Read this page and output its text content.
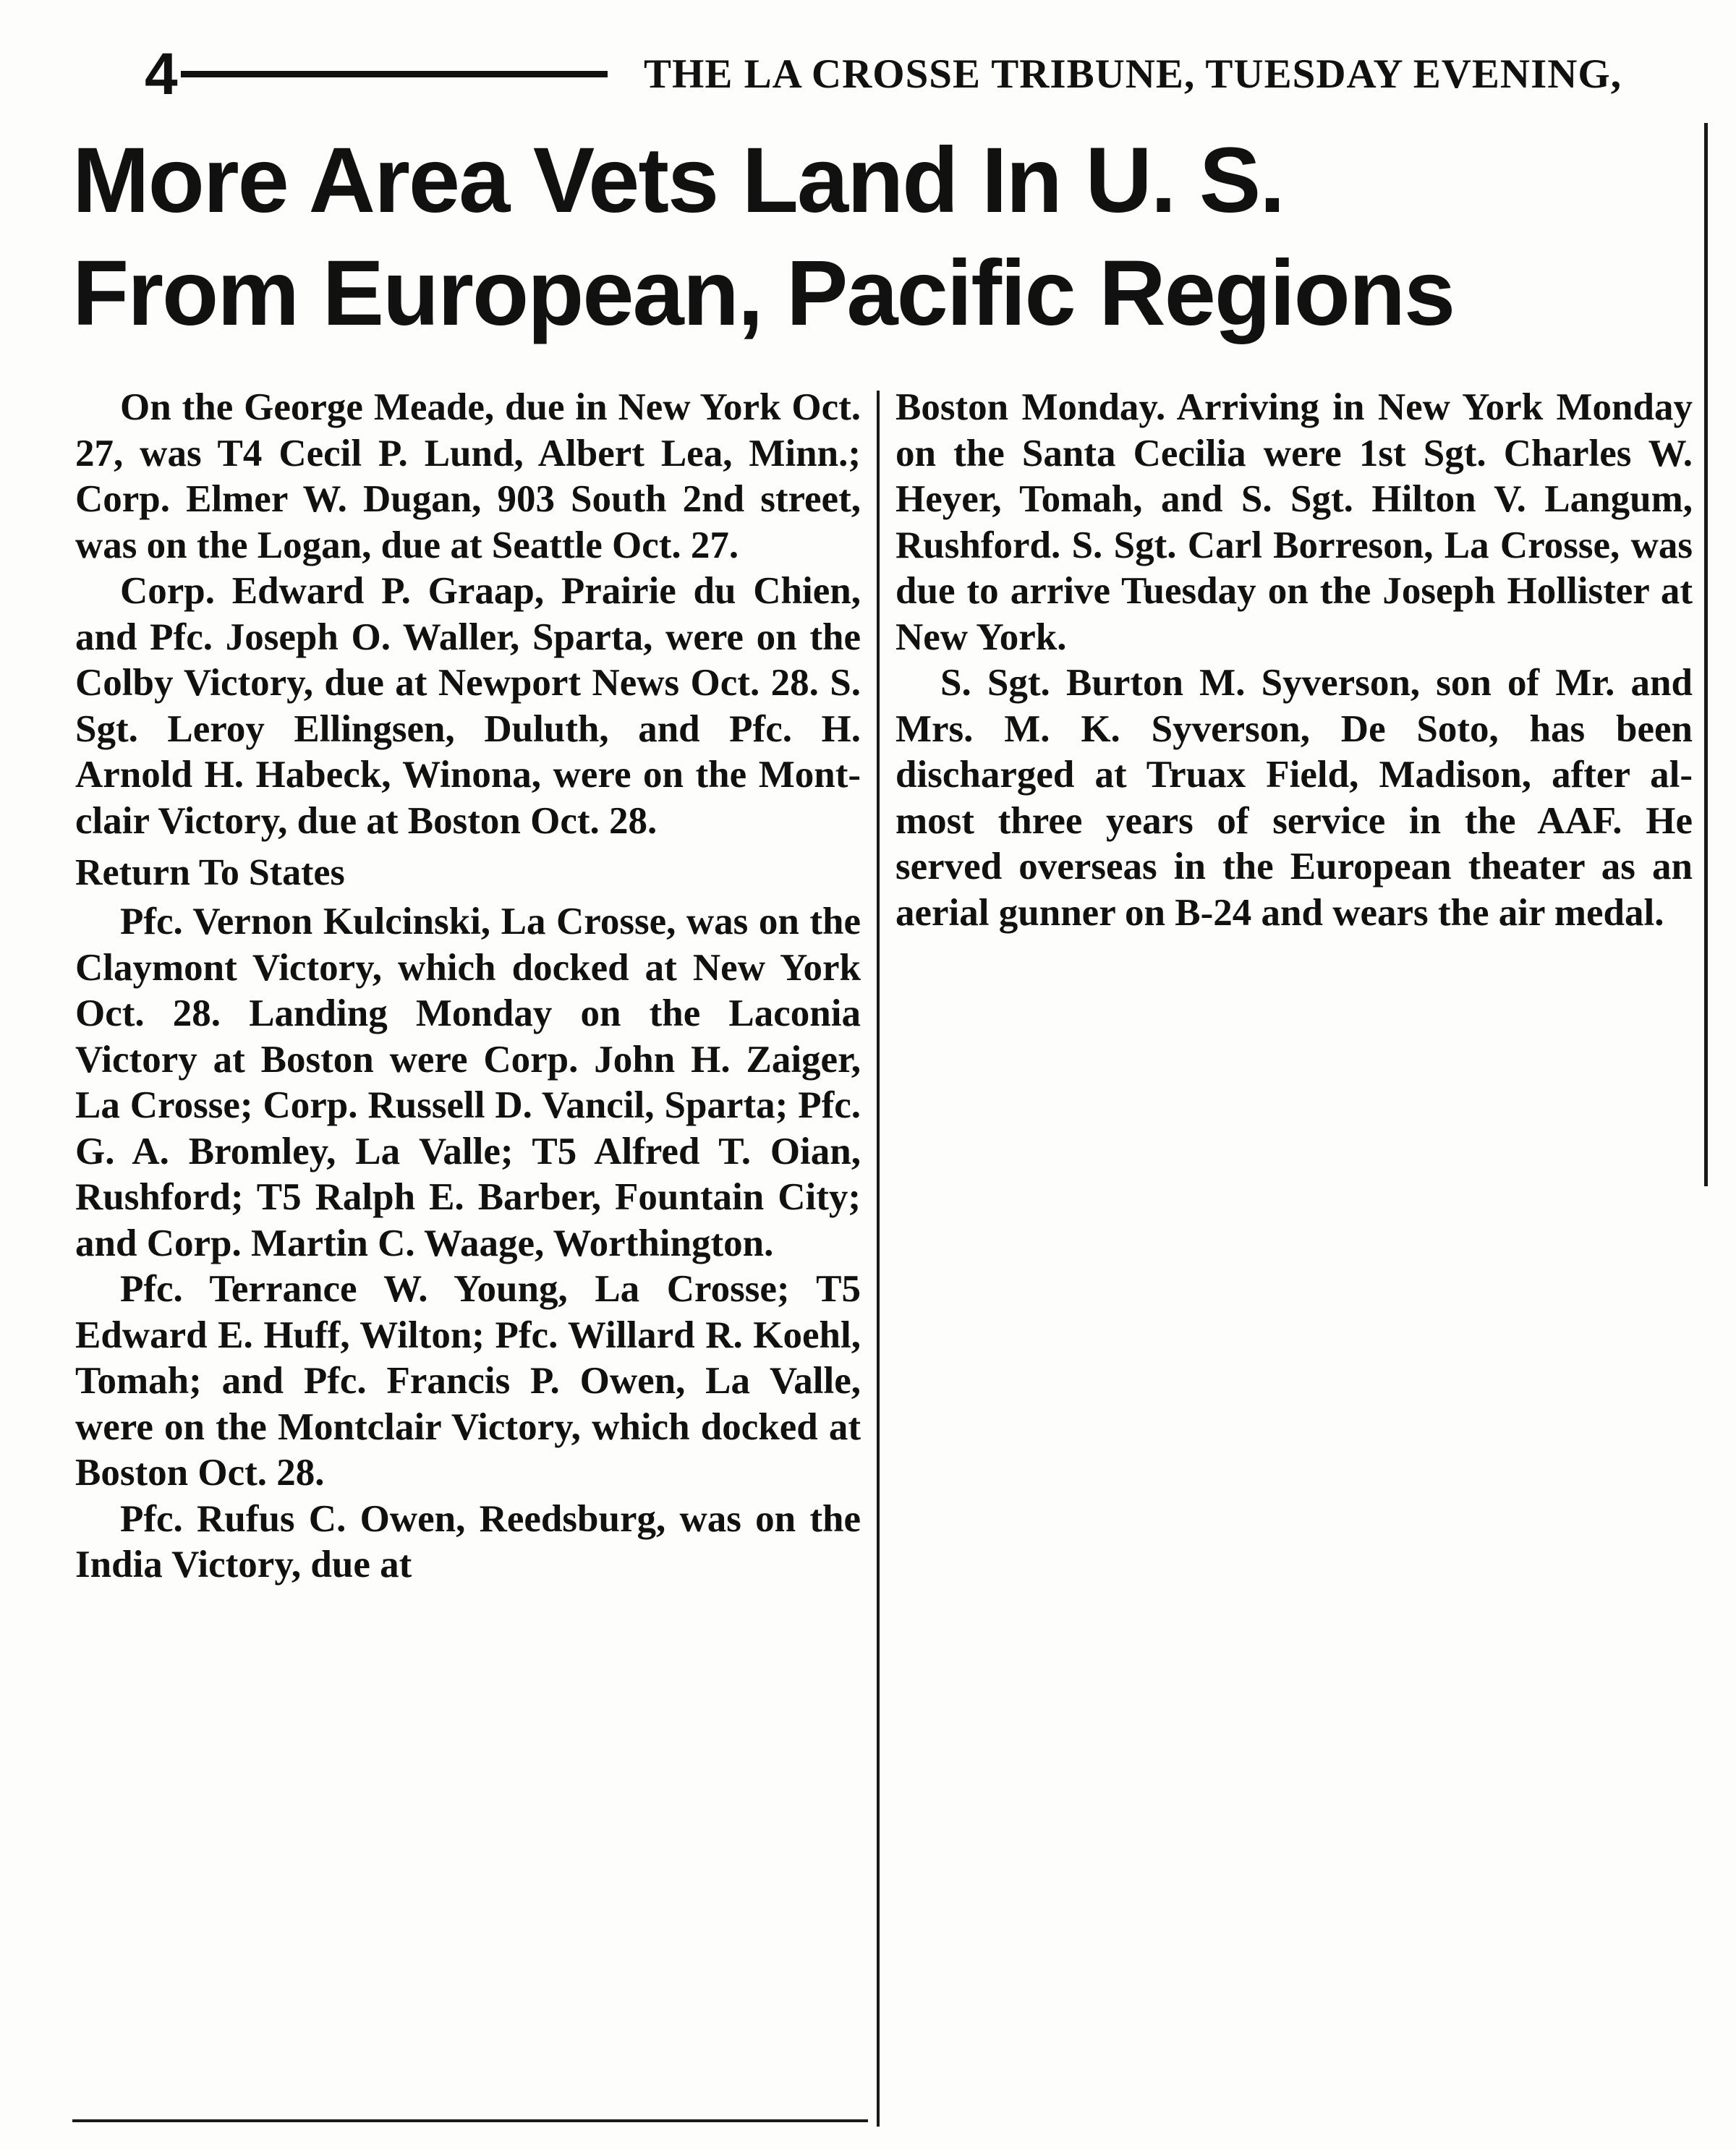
4	THE LA CROSSE TRIBUNE, TUESDAY EVENING,
More Area Vets Land In U. S.
From European, Pacific Regions

On the George Meade, due in New York Oct. 27, was T4 Cecil P. Lund, Albert Lea, Minn.; Corp. Elmer W. Dugan, 903 South 2nd street, was on the Logan, due at Seattle Oct. 27.

Corp. Edward P. Graap, Prairie du Chien, and Pfc. Joseph O. Waller, Sparta, were on the Colby Victory, due at Newport News Oct. 28. S. Sgt. Leroy Ellingsen, Duluth, and Pfc. H. Arnold H. Habeck, Winona, were on the Montclair Victory, due at Boston Oct. 28.

Return To States

Pfc. Vernon Kulcinski, La Crosse, was on the Claymont Victory, which docked at New York Oct. 28. Landing Monday on the Laconia Victory at Boston were Corp. John H. Zaiger, La Crosse; Corp. Russell D. Vancil, Sparta; Pfc. G. A. Bromley, La Valle; T5 Alfred T. Oian, Rushford; T5 Ralph E. Barber, Fountain City; and Corp. Martin C. Waage, Worthington.

Pfc. Terrance W. Young, La Crosse; T5 Edward E. Huff, Wilton; Pfc. Willard R. Koehl, Tomah; and Pfc. Francis P. Owen, La Valle, were on the Montclair Victory, which docked at Boston Oct. 28.

Pfc. Rufus C. Owen, Reedsburg, was on the India Victory, due at

Boston Monday. Arriving in New York Monday on the Santa Cecilia were 1st Sgt. Charles W. Heyer, Tomah, and S. Sgt. Hilton V. Langum, Rushford. S. Sgt. Carl Borreson, La Crosse, was due to arrive Tuesday on the Joseph Hollister at New York.

S. Sgt. Burton M. Syverson, son of Mr. and Mrs. M. K. Syverson, De Soto, has been discharged at Truax Field, Madison, after almost three years of service in the AAF. He served overseas in the European theater as an aerial gunner on B-24 and wears the air medal.
